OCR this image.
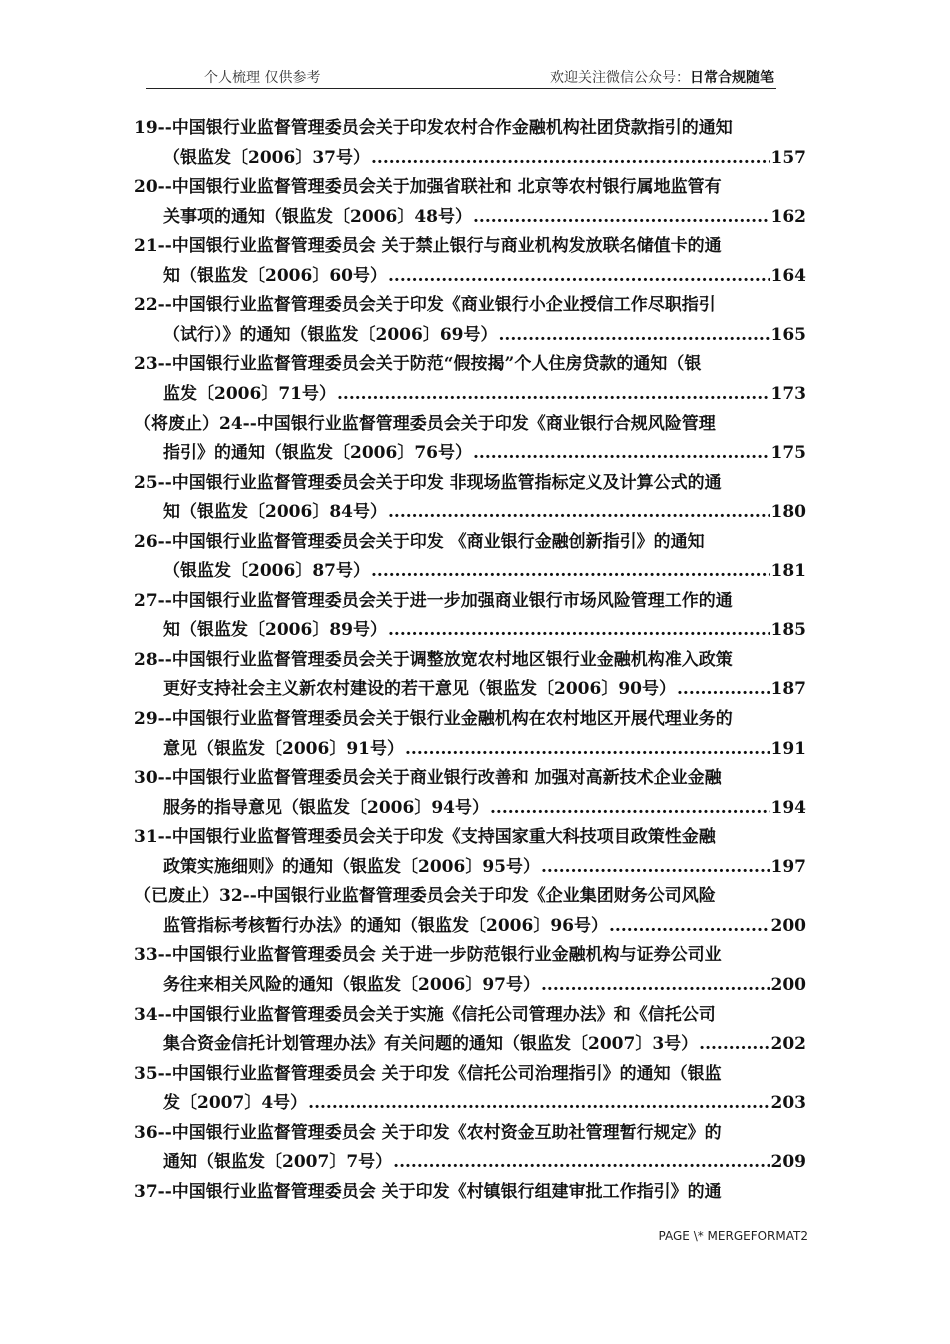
个人梳理 仅供参考	欢迎关注微信公众号：日常合规随笔
19--中国银行业监督管理委员会关于印发农村合作金融机构社团贷款指引的通知
（银监发〔2006〕37号） .....	157
20--中国银行业监督管理委员会关于加强省联社和 北京等农村银行属地监管有
关事项的通知（银监发〔2006〕48号） .....	162
21--中国银行业监督管理委员会 关于禁止银行与商业机构发放联名储值卡的通
知（银监发〔2006〕60号） .....	164
22--中国银行业监督管理委员会关于印发《商业银行小企业授信工作尽职指引
（试行）》的通知（银监发〔2006〕69号） .....	165
23--中国银行业监督管理委员会关于防范“假按揭”个人住房贷款的通知（银
监发〔2006〕71号） .....	173
（将废止）24--中国银行业监督管理委员会关于印发《商业银行合规风险管理
指引》的通知（银监发〔2006〕76号） .....	175
25--中国银行业监督管理委员会关于印发 非现场监管指标定义及计算公式的通
知（银监发〔2006〕84号） .....	180
26--中国银行业监督管理委员会关于印发 《商业银行金融创新指引》的通知
（银监发〔2006〕87号） .....	181
27--中国银行业监督管理委员会关于进一步加强商业银行市场风险管理工作的通
知（银监发〔2006〕89号） .....	185
28--中国银行业监督管理委员会关于调整放宽农村地区银行业金融机构准入政策
更好支持社会主义新农村建设的若干意见（银监发〔2006〕90号） .....	187
29--中国银行业监督管理委员会关于银行业金融机构在农村地区开展代理业务的
意见（银监发〔2006〕91号） .....	191
30--中国银行业监督管理委员会关于商业银行改善和 加强对高新技术企业金融
服务的指导意见（银监发〔2006〕94号） .....	194
31--中国银行业监督管理委员会关于印发《支持国家重大科技项目政策性金融
政策实施细则》的通知（银监发〔2006〕95号） .....	197
（已废止）32--中国银行业监督管理委员会关于印发《企业集团财务公司风险
监管指标考核暂行办法》的通知（银监发〔2006〕96号） .....	200
33--中国银行业监督管理委员会 关于进一步防范银行业金融机构与证券公司业
务往来相关风险的通知（银监发〔2006〕97号） .....	200
34--中国银行业监督管理委员会关于实施《信托公司管理办法》和《信托公司
集合资金信托计划管理办法》有关问题的通知（银监发〔2007〕3号） .....	202
35--中国银行业监督管理委员会 关于印发《信托公司治理指引》的通知（银监
发〔2007〕4号） .....	203
36--中国银行业监督管理委员会 关于印发《农村资金互助社管理暂行规定》的
通知（银监发〔2007〕7号） .....	209
37--中国银行业监督管理委员会 关于印发《村镇银行组建审批工作指引》的通
PAGE \* MERGEFORMAT2
